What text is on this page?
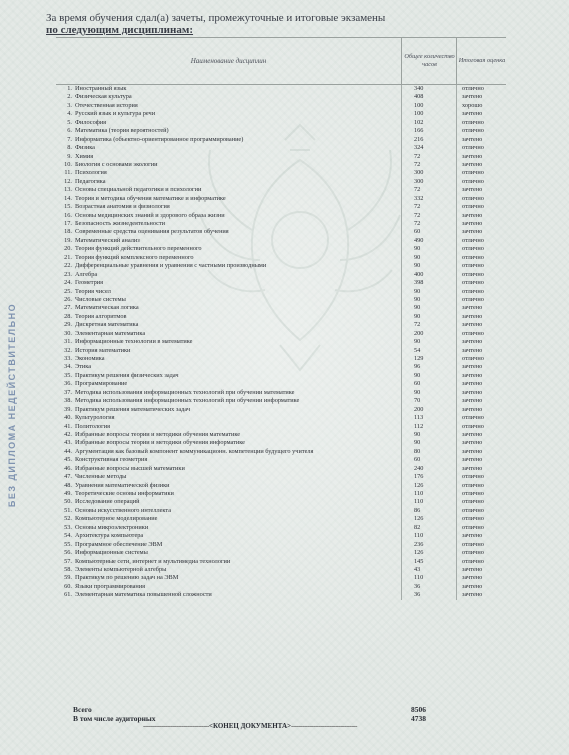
БЕЗ ДИПЛОМА НЕДЕЙСТВИТЕЛЬНО
За время обучения сдал(а) зачеты, промежуточные и итоговые экзамены
по следующим дисциплинам:
Наименование дисциплин
Общее количество часов
Итоговая оценка
1. Иностранный язык	340	отлично
2. Физическая культура	408	зачтено
3. Отечественная история	100	хорошо
4. Русский язык и культура речи	100	зачтено
5. Философия	102	отлично
6. Математика (теория вероятностей)	166	отлично
7. Информатика (объектно-ориентированное программирование)	216	зачтено
8. Физика	324	отлично
9. Химия	72	зачтено
10. Биология с основами экологии	72	зачтено
11. Психология	300	отлично
12. Педагогика	300	отлично
13. Основы специальной педагогики и психологии	72	зачтено
14. Теория и методика обучения математике и информатике	332	отлично
15. Возрастная анатомия и физиология	72	отлично
16. Основы медицинских знаний и здорового образа жизни	72	зачтено
17. Безопасность жизнедеятельности	72	зачтено
18. Современные средства оценивания результатов обучения	60	зачтено
19. Математический анализ	490	отлично
20. Теория функций действительного переменного	90	отлично
21. Теория функций комплексного переменного	90	отлично
22. Дифференциальные уравнения и уравнения с частными производными	90	отлично
23. Алгебра	400	отлично
24. Геометрия	398	отлично
25. Теория чисел	90	отлично
26. Числовые системы	90	отлично
27. Математическая логика	90	зачтено
28. Теория алгоритмов	90	зачтено
29. Дискретная математика	72	зачтено
30. Элементарная математика	200	отлично
31. Информационные технологии в математике	90	зачтено
32. История математики	54	зачтено
33. Экономика	129	отлично
34. Этика	96	зачтено
35. Практикум решения физических задач	90	зачтено
36. Программирование	60	зачтено
37. Методика использования информационных технологий при обучении математике	90	зачтено
38. Методика использования информационных технологий при обучении информатике	70	зачтено
39. Практикум решения математических задач	200	зачтено
40. Культурология	113	отлично
41. Политология	112	отлично
42. Избранные вопросы теории и методики обучения математике	90	зачтено
43. Избранные вопросы теории и методики обучения информатике	90	зачтено
44. Аргументация как базовый компонент коммуникационн. компетенции будущего учителя	80	зачтено
45. Конструктивная геометрия	60	зачтено
46. Избранные вопросы высшей математики	240	зачтено
47. Численные методы	176	отлично
48. Уравнения математической физики	126	отлично
49. Теоретические основы информатики	110	отлично
50. Исследование операций	110	отлично
51. Основы искусственного интеллекта	86	отлично
52. Компьютерное моделирование	126	отлично
53. Основы микроэлектроники	82	отлично
54. Архитектура компьютера	110	зачтено
55. Программное обеспечение ЭВМ	236	отлично
56. Информационные системы	126	отлично
57. Компьютерные сети, интернет и мультимедиа технологии	145	отлично
58. Элементы компьютерной алгебры	43	зачтено
59. Практикум по решению задач на ЭВМ	110	зачтено
60. Языки программирования	36	зачтено
61. Элементарная математика повышенной сложности	36	зачтено
Всего	8506
В том числе аудиторных	4738
------------------------------------<КОНЕЦ ДОКУМЕНТА>------------------------------------
